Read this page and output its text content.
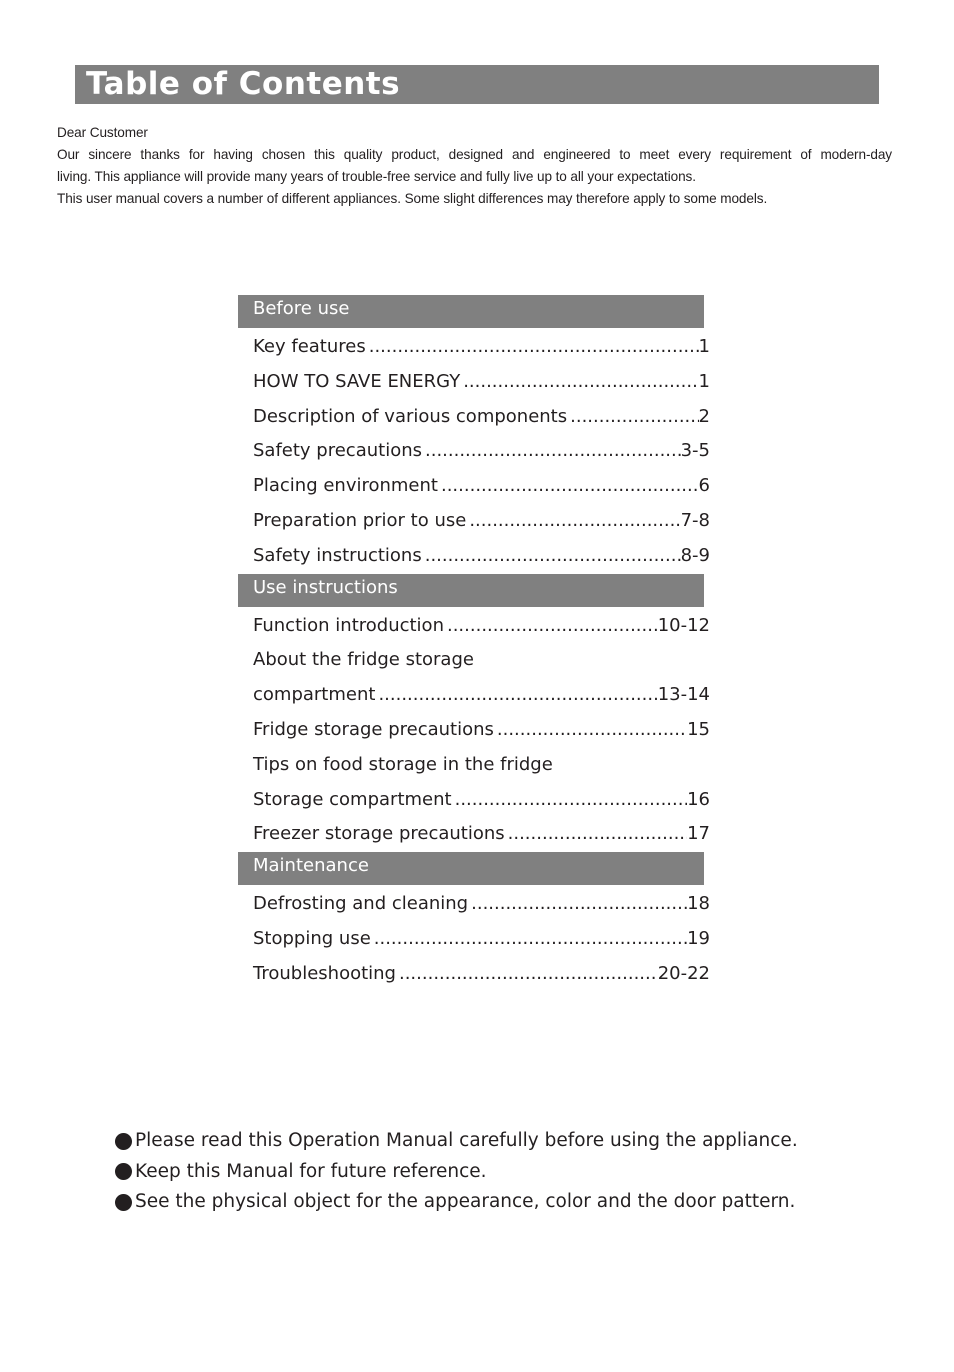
Table of Contents

Dear Customer

Our sincere thanks for having chosen this quality product, designed and engineered to meet every requirement of modern-day

living. This appliance will provide many years of trouble-free service and fully live up to all your expectations.

This user manual covers a number of different appliances. Some slight differences may therefore apply to some models.

Before use
Key features .....	1
HOW TO SAVE ENERGY .....	1
Description of various components .....	2
Safety precautions .....	3-5
Placing environment .....	6
Preparation prior to use .....	7-8
Safety instructions .....	8-9
Use instructions
Function introduction .....	10-12
About the fridge storage
compartment .....	13-14
Fridge storage precautions .....	15
Tips on food storage in the fridge
Storage compartment .....	16
Freezer storage precautions .....	17
Maintenance
Defrosting and cleaning .....	18
Stopping use .....	19
Troubleshooting .....	20-22
Please read this Operation Manual carefully before using the appliance.
Keep this Manual for future reference.
See the physical object for the appearance, color and the door pattern.
